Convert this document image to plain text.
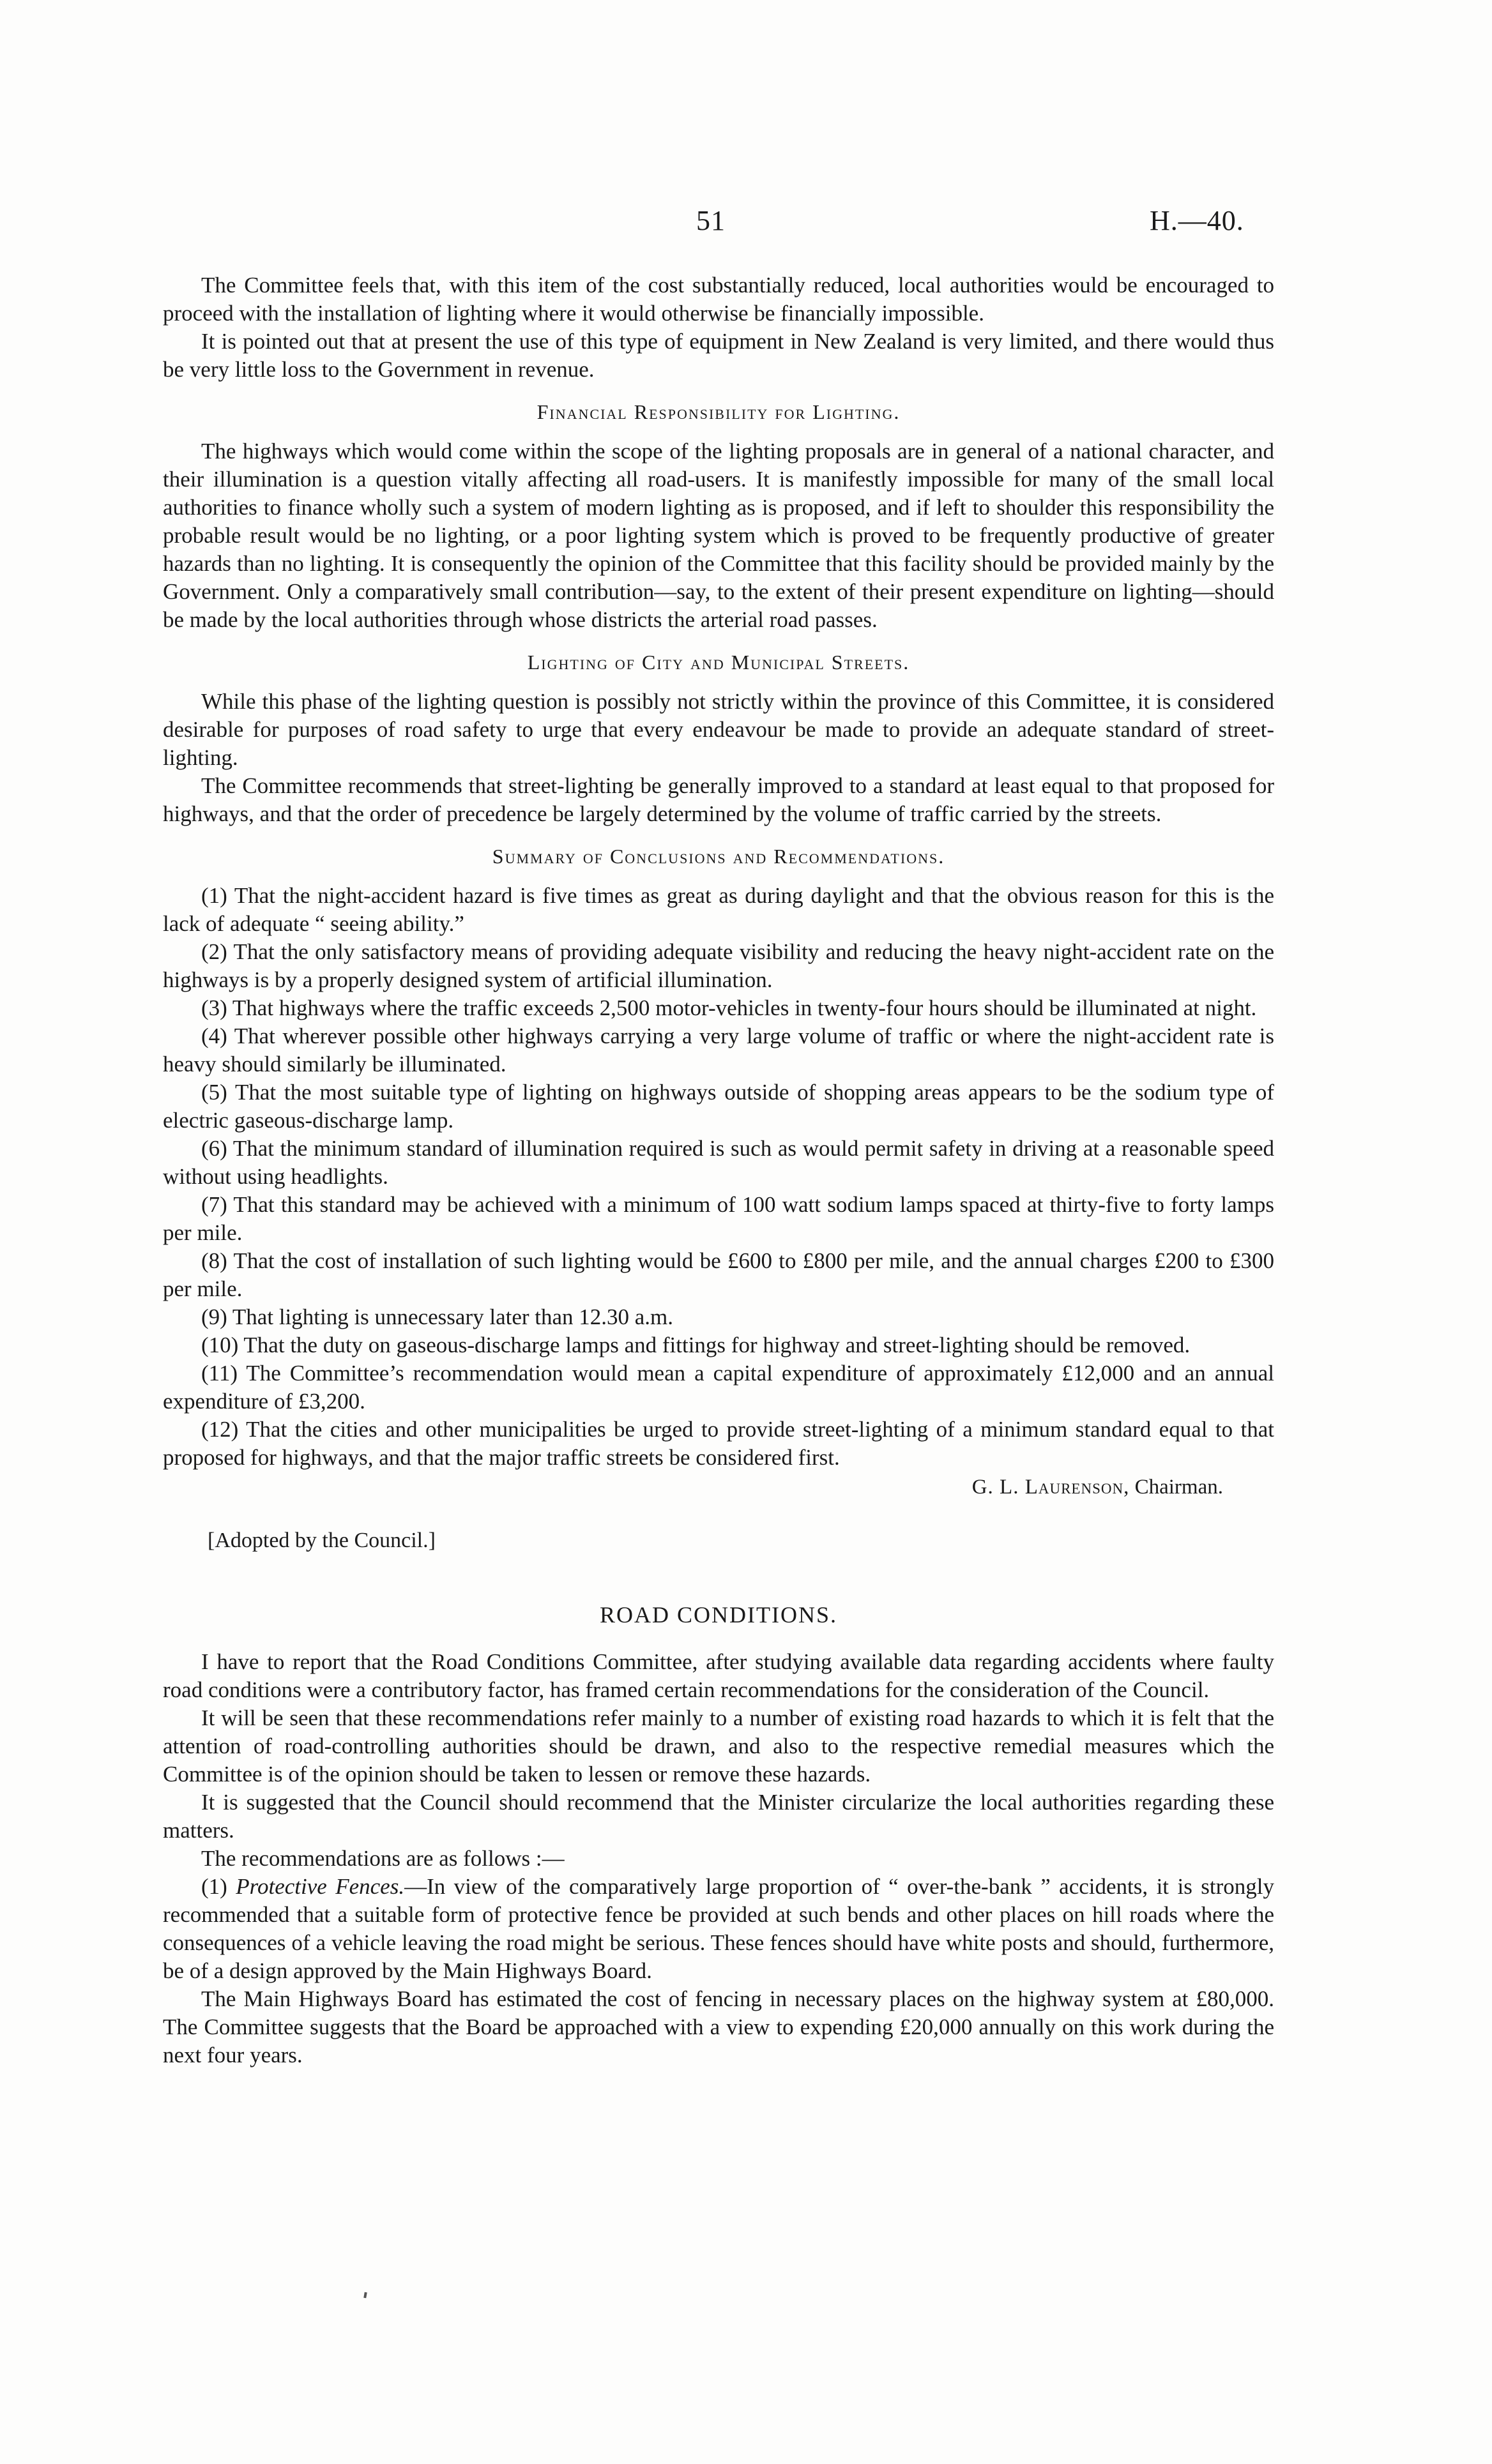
51	H.—40.

The Committee feels that, with this item of the cost substantially reduced, local authorities would be encouraged to proceed with the installation of lighting where it would otherwise be financially impossible.

It is pointed out that at present the use of this type of equipment in New Zealand is very limited, and there would thus be very little loss to the Government in revenue.

Financial Responsibility for Lighting.

The highways which would come within the scope of the lighting proposals are in general of a national character, and their illumination is a question vitally affecting all road-users. It is manifestly impossible for many of the small local authorities to finance wholly such a system of modern lighting as is proposed, and if left to shoulder this responsibility the probable result would be no lighting, or a poor lighting system which is proved to be frequently productive of greater hazards than no lighting. It is consequently the opinion of the Committee that this facility should be provided mainly by the Government. Only a comparatively small contribution—say, to the extent of their present expenditure on lighting—should be made by the local authorities through whose districts the arterial road passes.

Lighting of City and Municipal Streets.

While this phase of the lighting question is possibly not strictly within the province of this Committee, it is considered desirable for purposes of road safety to urge that every endeavour be made to provide an adequate standard of street-lighting.

The Committee recommends that street-lighting be generally improved to a standard at least equal to that proposed for highways, and that the order of precedence be largely determined by the volume of traffic carried by the streets.

Summary of Conclusions and Recommendations.

(1) That the night-accident hazard is five times as great as during daylight and that the obvious reason for this is the lack of adequate “ seeing ability.”

(2) That the only satisfactory means of providing adequate visibility and reducing the heavy night-accident rate on the highways is by a properly designed system of artificial illumination.

(3) That highways where the traffic exceeds 2,500 motor-vehicles in twenty-four hours should be illuminated at night.

(4) That wherever possible other highways carrying a very large volume of traffic or where the night-accident rate is heavy should similarly be illuminated.

(5) That the most suitable type of lighting on highways outside of shopping areas appears to be the sodium type of electric gaseous-discharge lamp.

(6) That the minimum standard of illumination required is such as would permit safety in driving at a reasonable speed without using headlights.

(7) That this standard may be achieved with a minimum of 100 watt sodium lamps spaced at thirty-five to forty lamps per mile.

(8) That the cost of installation of such lighting would be £600 to £800 per mile, and the annual charges £200 to £300 per mile.

(9) That lighting is unnecessary later than 12.30 a.m.

(10) That the duty on gaseous-discharge lamps and fittings for highway and street-lighting should be removed.

(11) The Committee’s recommendation would mean a capital expenditure of approximately £12,000 and an annual expenditure of £3,200.

(12) That the cities and other municipalities be urged to provide street-lighting of a minimum standard equal to that proposed for highways, and that the major traffic streets be considered first.

G. L. Laurenson, Chairman.
[Adopted by the Council.]
ROAD CONDITIONS.

I have to report that the Road Conditions Committee, after studying available data regarding accidents where faulty road conditions were a contributory factor, has framed certain recommendations for the consideration of the Council.

It will be seen that these recommendations refer mainly to a number of existing road hazards to which it is felt that the attention of road-controlling authorities should be drawn, and also to the respective remedial measures which the Committee is of the opinion should be taken to lessen or remove these hazards.

It is suggested that the Council should recommend that the Minister circularize the local authorities regarding these matters.

The recommendations are as follows :—

(1) Protective Fences.—In view of the comparatively large proportion of “ over-the-bank ” accidents, it is strongly recommended that a suitable form of protective fence be provided at such bends and other places on hill roads where the consequences of a vehicle leaving the road might be serious. These fences should have white posts and should, furthermore, be of a design approved by the Main Highways Board.

The Main Highways Board has estimated the cost of fencing in necessary places on the highway system at £80,000. The Committee suggests that the Board be approached with a view to expending £20,000 annually on this work during the next four years.
